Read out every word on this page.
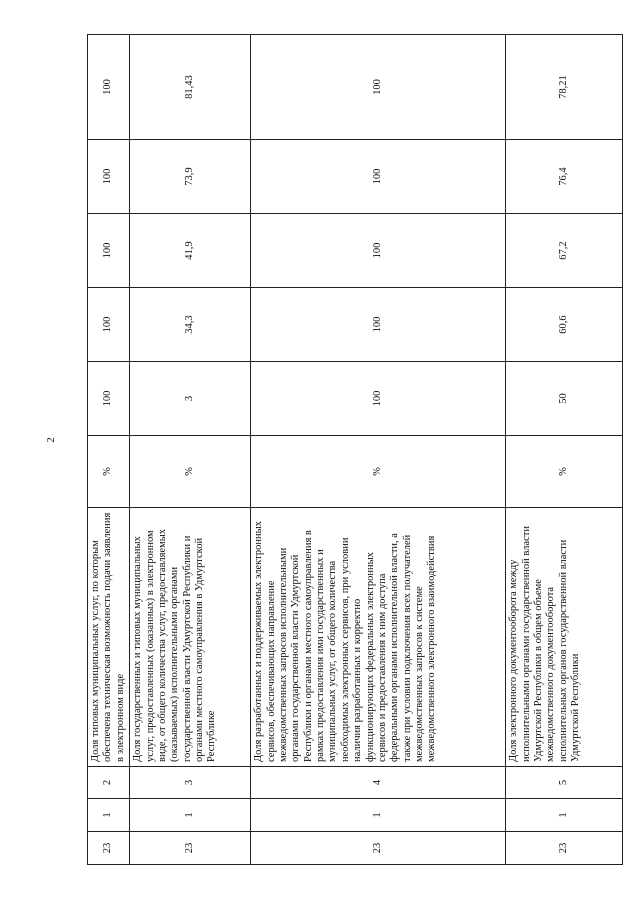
2
23	1	2	Доля типовых муниципальных услуг, по которым обеспечена техническая возможность подачи заявления в электронном виде	%	100	100	100	100	100
23	1	3	Доля государственных и типовых муниципальных услуг, предоставленных (оказанных) в электронном виде, от общего количества услуг, предоставляемых (оказываемых) исполнительными органами государственной власти Удмуртской Республики и органами местного самоуправления в Удмуртской Республике	%	3	34,3	41,9	73,9	81,43
23	1	4	Доля разработанных и поддерживаемых электронных сервисов, обеспечивающих направление межведомственных запросов исполнительными органами государственной власти Удмуртской Республики и органами местного самоуправления в рамках предоставления ими государственных и муниципальных услуг, от общего количества необходимых электронных сервисов, при условии наличия разработанных и корректно функционирующих федеральных электронных сервисов и предоставления к ним доступа федеральными органами исполнительной власти, а также при условии подключения всех получателей межведомственных запросов к системе межведомственного электронного взаимодействия	%	100	100	100	100	100
23	1	5	Доля электронного документооборота между исполнительными органами государственной власти Удмуртской Республики в общем объеме межведомственного документооборота исполнительных органов государственной власти Удмуртской Республики	%	50	60,6	67,2	76,4	78,21
